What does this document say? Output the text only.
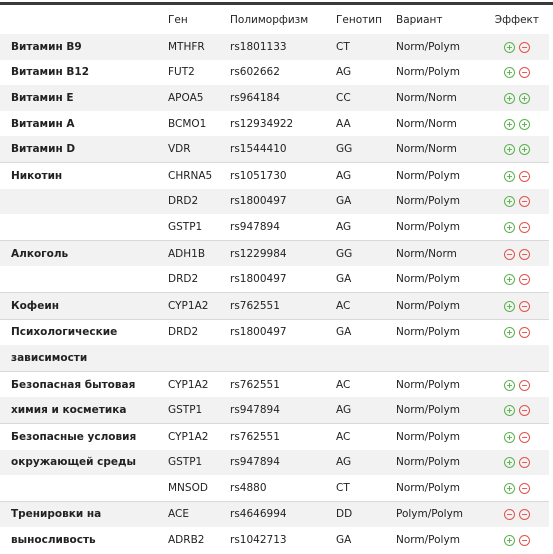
	Ген	Полиморфизм	Генотип	Вариант	Эффект
Витамин B9	MTHFR	rs1801133	CT	Norm/Polym	+ −
Витамин B12	FUT2	rs602662	AG	Norm/Polym	+ −
Витамин E	APOA5	rs964184	CC	Norm/Norm	+ +
Витамин A	BCMO1	rs12934922	AA	Norm/Norm	+ +
Витамин D	VDR	rs1544410	GG	Norm/Norm	+ +
Никотин	CHRNA5	rs1051730	AG	Norm/Polym	+ −
	DRD2	rs1800497	GA	Norm/Polym	+ −
	GSTP1	rs947894	AG	Norm/Polym	+ −
Алкоголь	ADH1B	rs1229984	GG	Norm/Norm	− −
	DRD2	rs1800497	GA	Norm/Polym	+ −
Кофеин	CYP1A2	rs762551	AC	Norm/Polym	+ −
Психологические	DRD2	rs1800497	GA	Norm/Polym	+ −
зависимости					
Безопасная бытовая	CYP1A2	rs762551	AC	Norm/Polym	+ −
химия и косметика	GSTP1	rs947894	AG	Norm/Polym	+ −
Безопасные условия	CYP1A2	rs762551	AC	Norm/Polym	+ −
окружающей среды	GSTP1	rs947894	AG	Norm/Polym	+ −
	MNSOD	rs4880	CT	Norm/Polym	+ −
Тренировки на	ACE	rs4646994	DD	Polym/Polym	− −
выносливость	ADRB2	rs1042713	GA	Norm/Polym	+ −
